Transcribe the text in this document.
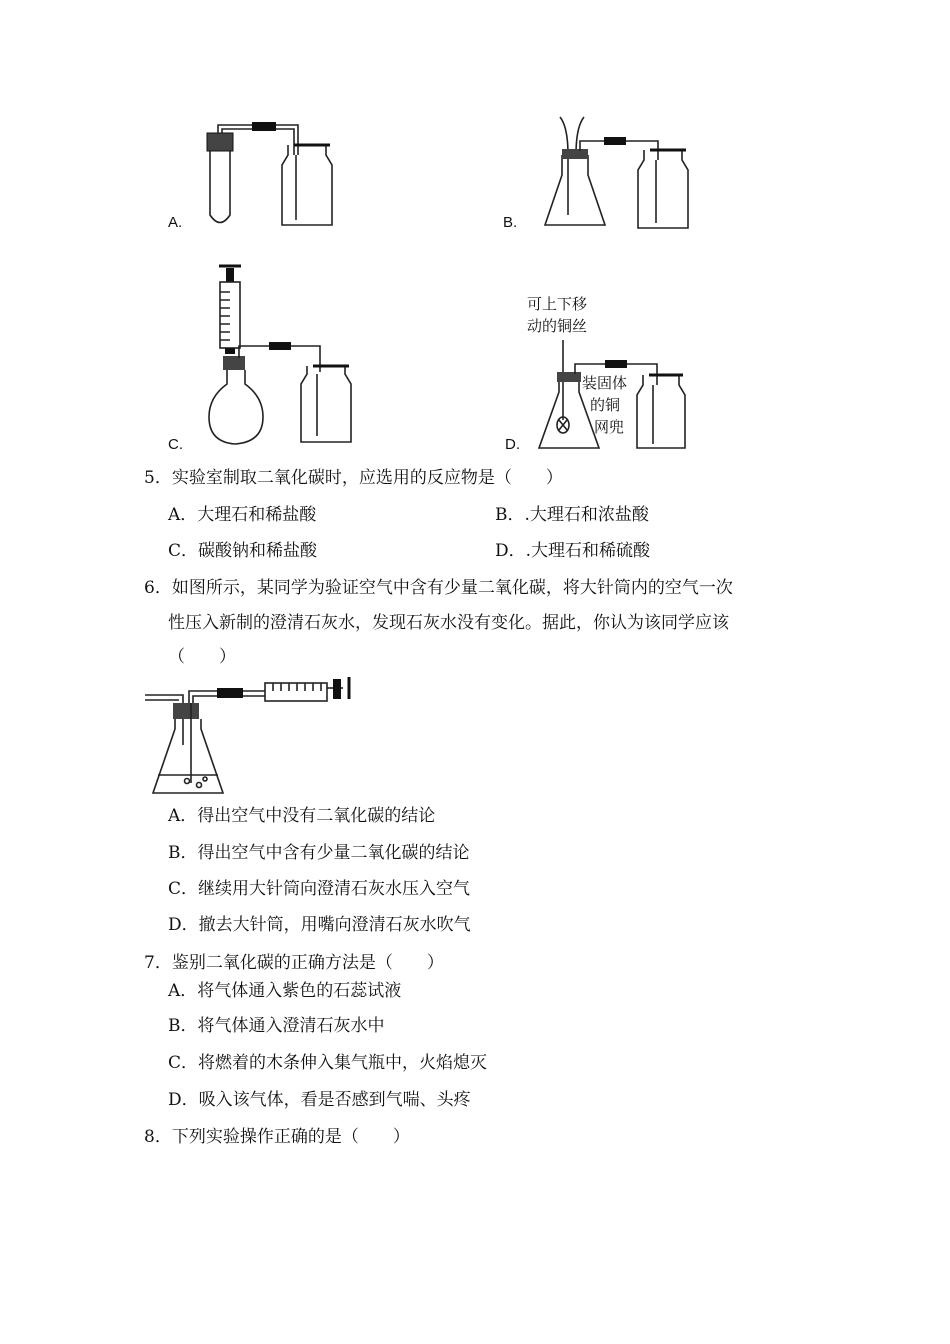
A.	B.
C.	D.
可上下移
动的铜丝
装固体
的铜
网兜
5．实验室制取二氧化碳时，应选用的反应物是（　　）
A．大理石和稀盐酸	B．.大理石和浓盐酸
C．碳酸钠和稀盐酸	D．.大理石和稀硫酸
6．如图所示，某同学为验证空气中含有少量二氧化碳，将大针筒内的空气一次
性压入新制的澄清石灰水，发现石灰水没有变化。据此，你认为该同学应该
（　　）
A．得出空气中没有二氧化碳的结论
B．得出空气中含有少量二氧化碳的结论
C．继续用大针筒向澄清石灰水压入空气
D．撤去大针筒，用嘴向澄清石灰水吹气
7．鉴别二氧化碳的正确方法是（　　）
A．将气体通入紫色的石蕊试液
B．将气体通入澄清石灰水中
C．将燃着的木条伸入集气瓶中，火焰熄灭
D．吸入该气体，看是否感到气喘、头疼
8．下列实验操作正确的是（　　）
